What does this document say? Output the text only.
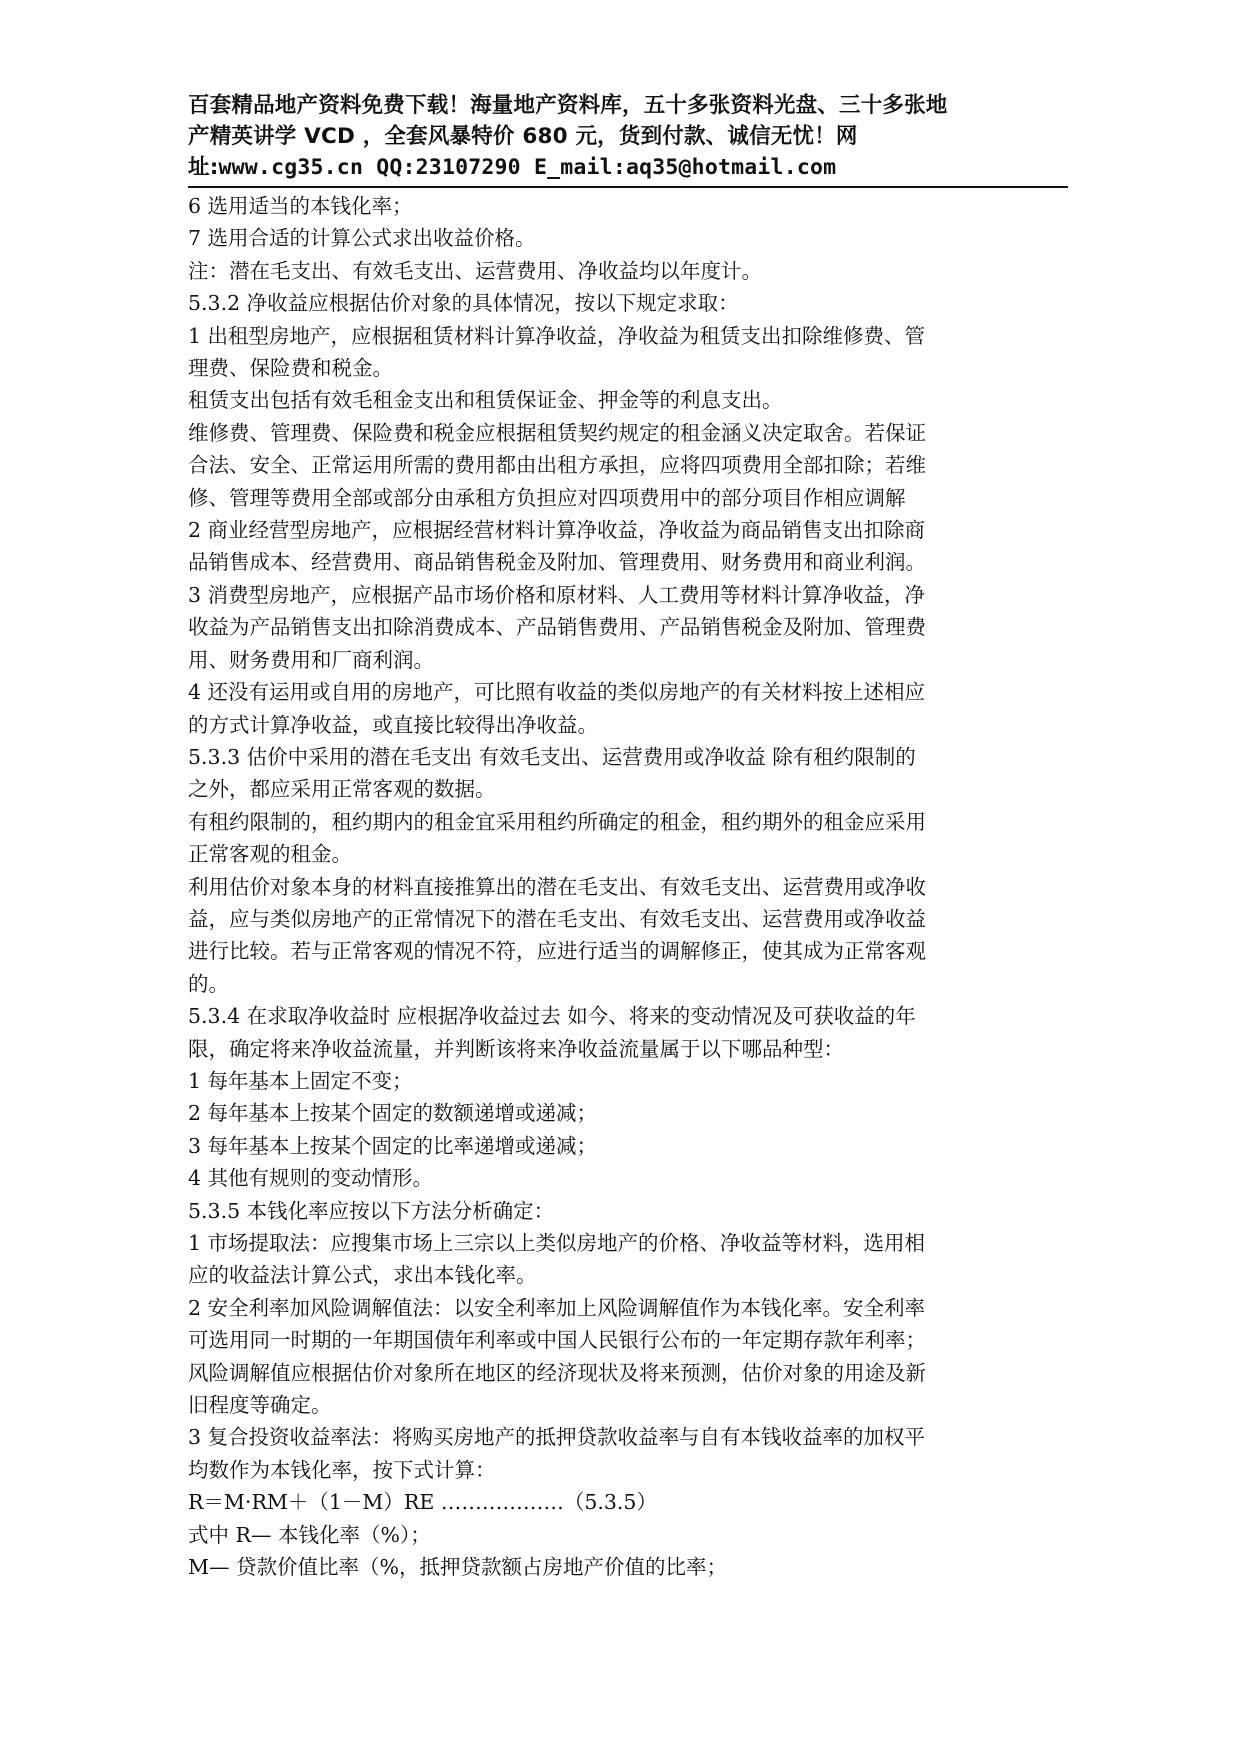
百套精品地产资料免费下载！海量地产资料库，五十多张资料光盘、三十多张地
产精英讲学 VCD ，全套风暴特价 680 元，货到付款、诚信无忧！网
址:www.cg35.cn QQ:23107290 E_mail:aq35@hotmail.com
6 选用适当的本钱化率；
7 选用合适的计算公式求出收益价格。
注：潜在毛支出、有效毛支出、运营费用、净收益均以年度计。
5.3.2 净收益应根据估价对象的具体情况，按以下规定求取：
1 出租型房地产，应根据租赁材料计算净收益，净收益为租赁支出扣除维修费、管
理费、保险费和税金。
租赁支出包括有效毛租金支出和租赁保证金、押金等的利息支出。
维修费、管理费、保险费和税金应根据租赁契约规定的租金涵义决定取舍。若保证
合法、安全、正常运用所需的费用都由出租方承担，应将四项费用全部扣除；若维
修、管理等费用全部或部分由承租方负担应对四项费用中的部分项目作相应调解
2 商业经营型房地产，应根据经营材料计算净收益，净收益为商品销售支出扣除商
品销售成本、经营费用、商品销售税金及附加、管理费用、财务费用和商业利润。
3 消费型房地产，应根据产品市场价格和原材料、人工费用等材料计算净收益，净
收益为产品销售支出扣除消费成本、产品销售费用、产品销售税金及附加、管理费
用、财务费用和厂商利润。
4 还没有运用或自用的房地产，可比照有收益的类似房地产的有关材料按上述相应
的方式计算净收益，或直接比较得出净收益。
5.3.3 估价中采用的潜在毛支出 有效毛支出、运营费用或净收益 除有租约限制的
之外，都应采用正常客观的数据。
有租约限制的，租约期内的租金宜采用租约所确定的租金，租约期外的租金应采用
正常客观的租金。
利用估价对象本身的材料直接推算出的潜在毛支出、有效毛支出、运营费用或净收
益，应与类似房地产的正常情况下的潜在毛支出、有效毛支出、运营费用或净收益
进行比较。若与正常客观的情况不符，应进行适当的调解修正，使其成为正常客观
的。
5.3.4 在求取净收益时 应根据净收益过去 如今、将来的变动情况及可获收益的年
限，确定将来净收益流量，并判断该将来净收益流量属于以下哪品种型：
1 每年基本上固定不变；
2 每年基本上按某个固定的数额递增或递减；
3 每年基本上按某个固定的比率递增或递减；
4 其他有规则的变动情形。
5.3.5 本钱化率应按以下方法分析确定：
1 市场提取法：应搜集市场上三宗以上类似房地产的价格、净收益等材料，选用相
应的收益法计算公式，求出本钱化率。
2 安全利率加风险调解值法：以安全利率加上风险调解值作为本钱化率。安全利率
可选用同一时期的一年期国债年利率或中国人民银行公布的一年定期存款年利率；
风险调解值应根据估价对象所在地区的经济现状及将来预测，估价对象的用途及新
旧程度等确定。
3 复合投资收益率法：将购买房地产的抵押贷款收益率与自有本钱收益率的加权平
均数作为本钱化率，按下式计算：
R＝M·RM＋（1－M）RE ………………（5.3.5）
式中 R— 本钱化率（%）；
M— 贷款价值比率（%，抵押贷款额占房地产价值的比率；
